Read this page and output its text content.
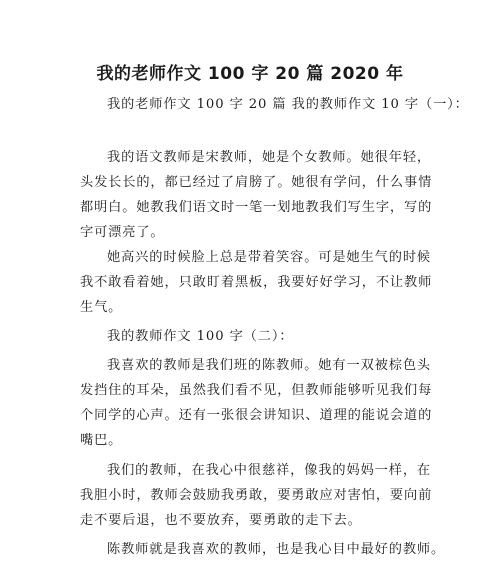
我的老师作文 100 字 20 篇 2020 年
我的老师作文 100 字 20 篇 我的教师作文 10 字（一）：
我的语文教师是宋教师，她是个女教师。她很年轻，
头发长长的，都已经过了肩膀了。她很有学问，什么事情
都明白。她教我们语文时一笔一划地教我们写生字，写的
字可漂亮了。
她高兴的时候脸上总是带着笑容。可是她生气的时候
我不敢看着她，只敢盯着黑板，我要好好学习，不让教师
生气。
我的教师作文 100 字（二）：
我喜欢的教师是我们班的陈教师。她有一双被棕色头
发挡住的耳朵，虽然我们看不见，但教师能够听见我们每
个同学的心声。还有一张很会讲知识、道理的能说会道的
嘴巴。
我们的教师，在我心中很慈祥，像我的妈妈一样，在
我胆小时，教师会鼓励我勇敢，要勇敢应对害怕，要向前
走不要后退，也不要放弃，要勇敢的走下去。
陈教师就是我喜欢的教师，也是我心目中最好的教师。
